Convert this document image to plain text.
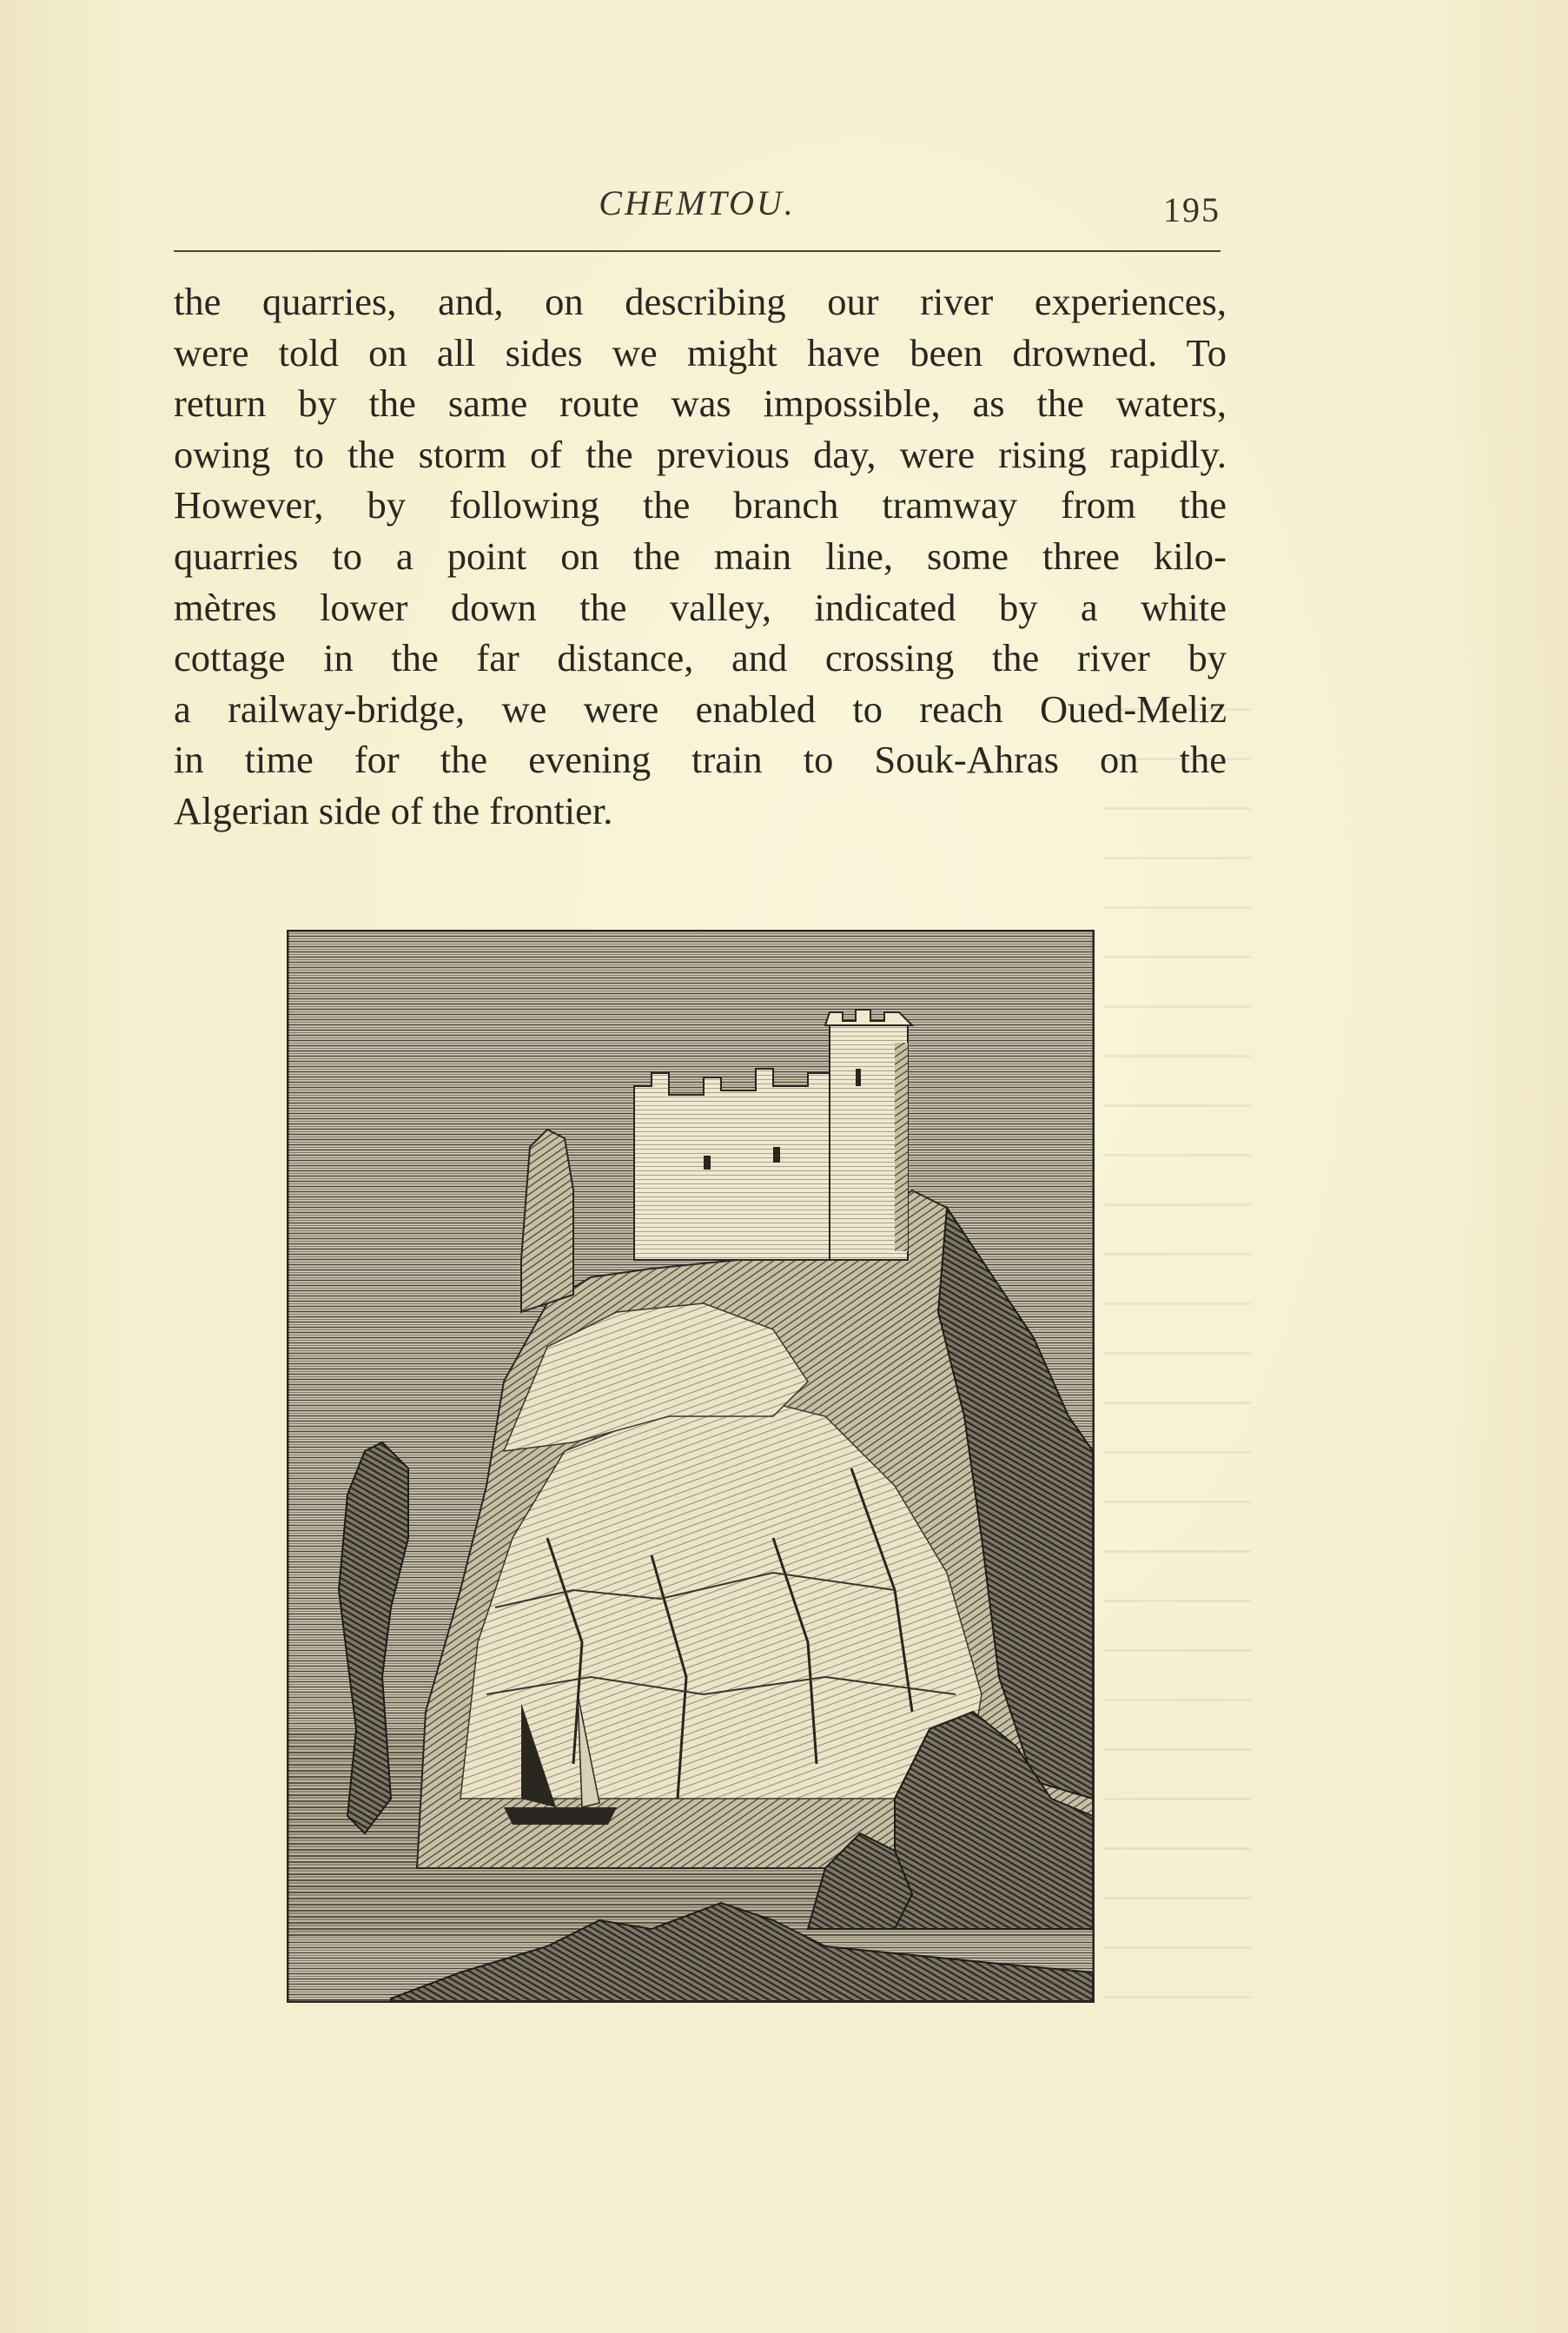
CHEMTOU.	195
the quarries, and, on describing our river experiences,
were told on all sides we might have been drowned. To
return by the same route was impossible, as the waters,
owing to the storm of the previous day, were rising rapidly.
However, by following the branch tramway from the
quarries to a point on the main line, some three kilo-
mètres lower down the valley, indicated by a white
cottage in the far distance, and crossing the river by
a railway-bridge, we were enabled to reach Oued-Meliz
in time for the evening train to Souk-Ahras on the
Algerian side of the frontier.
